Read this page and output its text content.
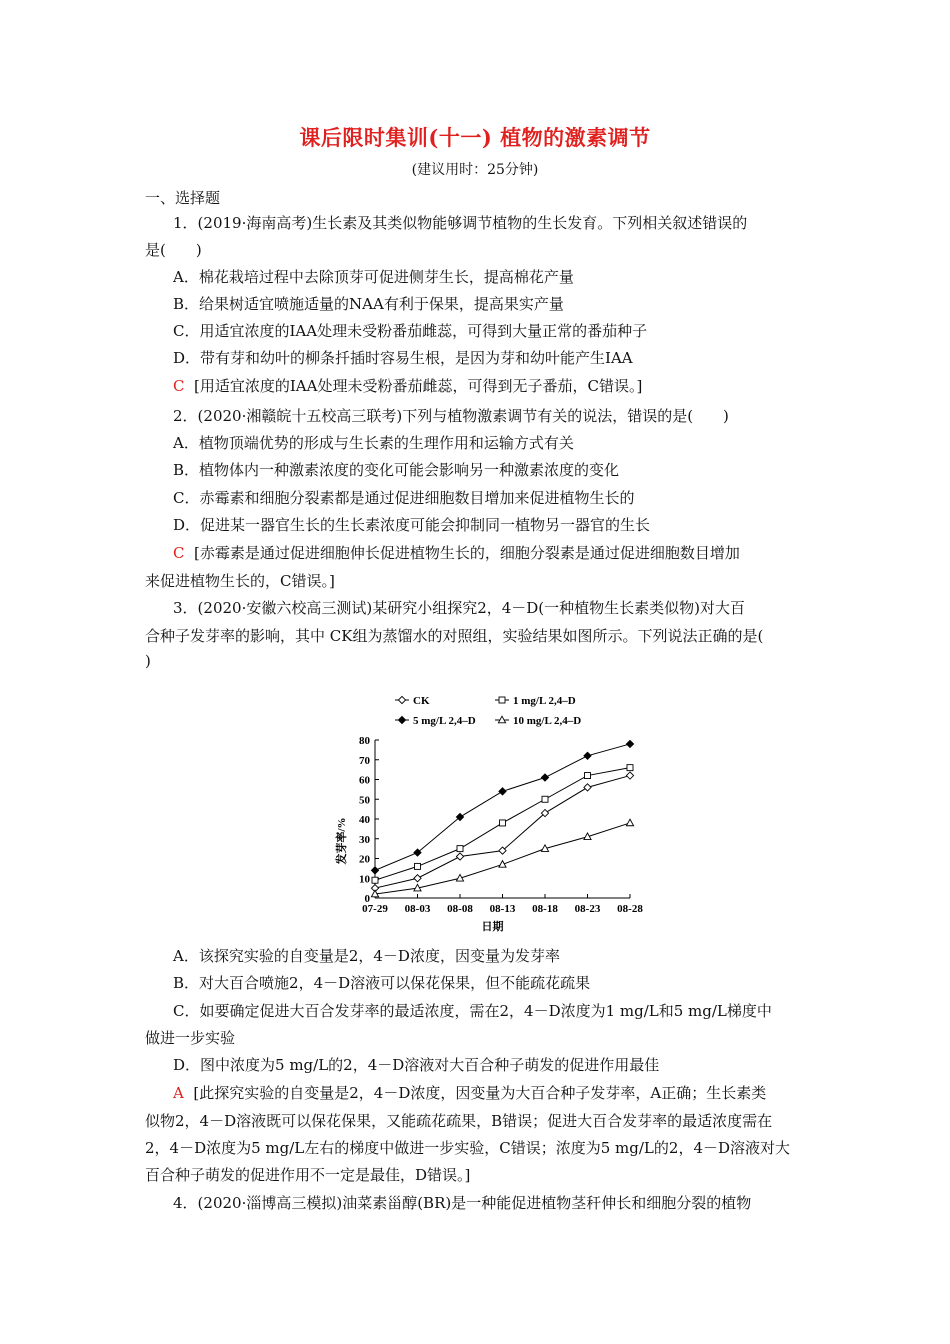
课后限时集训(十一) 植物的激素调节
(建议用时：25分钟)
一、选择题
1．(2019·海南高考)生长素及其类似物能够调节植物的生长发育。下列相关叙述错误的
是(　　)
A．棉花栽培过程中去除顶芽可促进侧芽生长，提高棉花产量
B．给果树适宜喷施适量的NAA有利于保果，提高果实产量
C．用适宜浓度的IAA处理未受粉番茄雌蕊，可得到大量正常的番茄种子
D．带有芽和幼叶的柳条扦插时容易生根，是因为芽和幼叶能产生IAA
C [用适宜浓度的IAA处理未受粉番茄雌蕊，可得到无子番茄，C错误。]
2．(2020·湘赣皖十五校高三联考)下列与植物激素调节有关的说法，错误的是(　　)
A．植物顶端优势的形成与生长素的生理作用和运输方式有关
B．植物体内一种激素浓度的变化可能会影响另一种激素浓度的变化
C．赤霉素和细胞分裂素都是通过促进细胞数目增加来促进植物生长的
D．促进某一器官生长的生长素浓度可能会抑制同一植物另一器官的生长
C [赤霉素是通过促进细胞伸长促进植物生长的，细胞分裂素是通过促进细胞数目增加
来促进植物生长的，C错误。]
3．(2020·安徽六校高三测试)某研究小组探究2，4－D(一种植物生长素类似物)对大百
合种子发芽率的影响，其中 CK组为蒸馏水的对照组，实验结果如图所示。下列说法正确的是(
)
0
10
20
30
40
50
60
70
80
07-29 08-03 08-08 08-13 08-18 08-23 08-28
日期
发芽率/%
CK	1 mg/L 2,4–D
5 mg/L 2,4–D	10 mg/L 2,4–D
A．该探究实验的自变量是2，4－D浓度，因变量为发芽率
B．对大百合喷施2，4－D溶液可以保花保果，但不能疏花疏果
C．如要确定促进大百合发芽率的最适浓度，需在2，4－D浓度为1 mg/L和5 mg/L梯度中
做进一步实验
D．图中浓度为5 mg/L的2，4－D溶液对大百合种子萌发的促进作用最佳
A [此探究实验的自变量是2，4－D浓度，因变量为大百合种子发芽率，A正确；生长素类
似物2，4－D溶液既可以保花保果，又能疏花疏果，B错误；促进大百合发芽率的最适浓度需在
2，4－D浓度为5 mg/L左右的梯度中做进一步实验，C错误；浓度为5 mg/L的2，4－D溶液对大
百合种子萌发的促进作用不一定是最佳，D错误。]
4．(2020·淄博高三模拟)油菜素甾醇(BR)是一种能促进植物茎秆伸长和细胞分裂的植物
